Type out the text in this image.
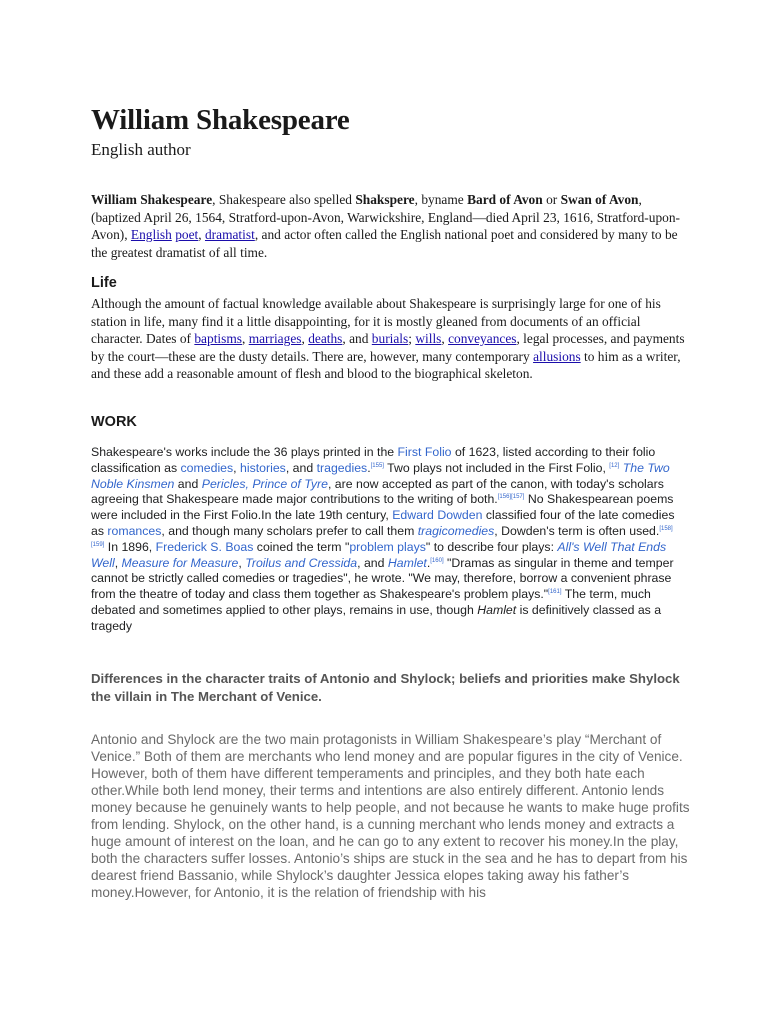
William Shakespeare
English author
William Shakespeare, Shakespeare also spelled Shakspere, byname Bard of Avon or Swan of Avon, (baptized April 26, 1564, Stratford-upon-Avon, Warwickshire, England—died April 23, 1616, Stratford-upon-Avon), English poet, dramatist, and actor often called the English national poet and considered by many to be the greatest dramatist of all time.
Life
Although the amount of factual knowledge available about Shakespeare is surprisingly large for one of his station in life, many find it a little disappointing, for it is mostly gleaned from documents of an official character. Dates of baptisms, marriages, deaths, and burials; wills, conveyances, legal processes, and payments by the court—these are the dusty details. There are, however, many contemporary allusions to him as a writer, and these add a reasonable amount of flesh and blood to the biographical skeleton.
WORK
Shakespeare's works include the 36 plays printed in the First Folio of 1623, listed according to their folio classification as comedies, histories, and tragedies.[155] Two plays not included in the First Folio, [12] The Two Noble Kinsmen and Pericles, Prince of Tyre, are now accepted as part of the canon, with today's scholars agreeing that Shakespeare made major contributions to the writing of both.[156][157] No Shakespearean poems were included in the First Folio.In the late 19th century, Edward Dowden classified four of the late comedies as romances, and though many scholars prefer to call them tragicomedies, Dowden's term is often used.[158][159] In 1896, Frederick S. Boas coined the term "problem plays" to describe four plays: All's Well That Ends Well, Measure for Measure, Troilus and Cressida, and Hamlet.[160] "Dramas as singular in theme and temper cannot be strictly called comedies or tragedies", he wrote. "We may, therefore, borrow a convenient phrase from the theatre of today and class them together as Shakespeare's problem plays."[161] The term, much debated and sometimes applied to other plays, remains in use, though Hamlet is definitively classed as a tragedy
Differences in the character traits of Antonio and Shylock; beliefs and priorities make Shylock the villain in The Merchant of Venice.
Antonio and Shylock are the two main protagonists in William Shakespeare’s play “Merchant of Venice.” Both of them are merchants who lend money and are popular figures in the city of Venice. However, both of them have different temperaments and principles, and they both hate each other.While both lend money, their terms and intentions are also entirely different. Antonio lends money because he genuinely wants to help people, and not because he wants to make huge profits from lending. Shylock, on the other hand, is a cunning merchant who lends money and extracts a huge amount of interest on the loan, and he can go to any extent to recover his money.In the play, both the characters suffer losses. Antonio’s ships are stuck in the sea and he has to depart from his dearest friend Bassanio, while Shylock’s daughter Jessica elopes taking away his father’s money.However, for Antonio, it is the relation of friendship with his
